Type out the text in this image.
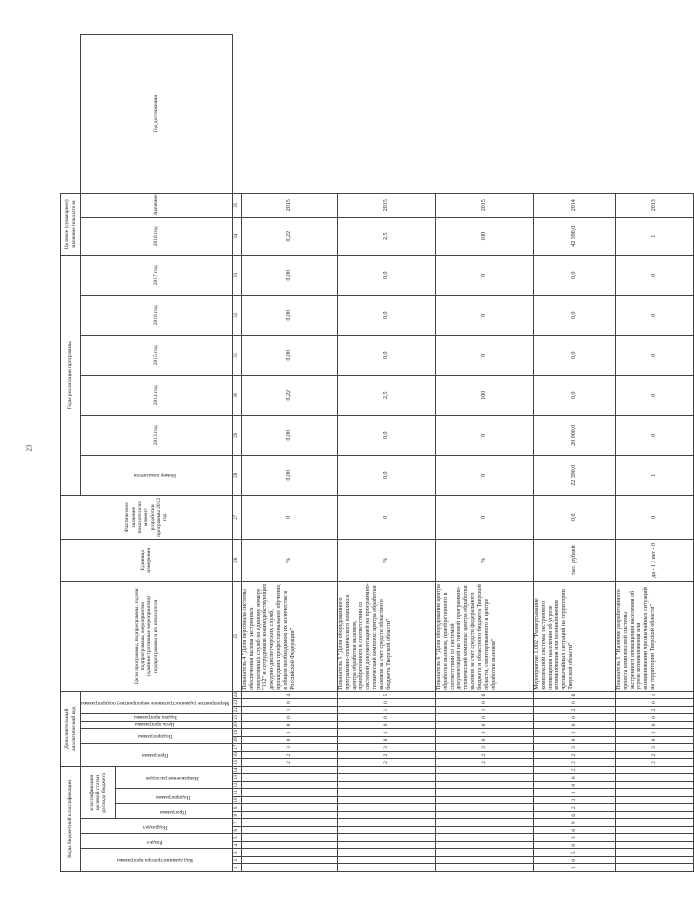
23
Коды бюджетной классификации														Дополнительный аналитический код										Цели программы, подпрограммы, задачи подпрограммы, мероприятия (административные мероприятия) подпрограммы и их показатели	Единица измерения	Фактическое значение показателя на момент разработки программы 2012 год	Годы реализации программы						Целевое (суммарное) значение показателя		
Код администратора программы			Раздел		Подраздел		классификация целевой статьи расхода бюджета							Программа			Подпрограмма		Цель программы	Задача программы	Мероприятие (административное мероприятие) подпрограммы						Номер показателя	2013 год	2014 год	2015 год	2016 год	2017 год	2018 год	Значение	Год достижения
							Программа		Подпрограмма		Направление расходов																								
1	2	3	4	5	6	7	8	9	10	11	12	13	14	15	16	17	18	19	20	21	22	23	24	25	26	27	28	29	30	31	32	33	34	35	
														2	2	3	0	1	0	0	1	0	4	Показатель 4 "Доля персонала системы обеспечения вызова экстренных оперативных служб по единому номеру "112" и сотрудников взаимодействующих дежурно-диспетчерских служб, прошедших профессиональное обучение, в общем необходимом их количестве в Российской Федерации"	%	0	0,00	0,00	0,22	0,00	0,00	0,00	0,22	2015	
														2	2	3	0	1	0	0	1	0	5	Показатель 5 "Доля оборудованного программно-технического комплекса центра обработки вызовов, приобретенного в соответствии со системой документацией на программно-технический комплекс центра обработки вызовов за счет средств областного бюджета Тверской области"	%	0	0,0	0,0	2,5	0,0	0,0	0,0	2,5	2015	
														2	2	3	0	1	0	0	1	0	6	Показатель 6 "Доля оборудования центра обработки вызовов, приобретенного в соответствии со системой документацией на типовой программно-технический комплекс центра обработки вызовов за счет средств федерального бюджета и областного бюджета Тверской области, смонтированного в центре обработки вызовов"	%	0	0	0	100	0	0	0	100	2015	
1	0	5	0	3	0	9	0	2	3	1	0	0	2	2	2	3	0	1	0	0	2	0	0	Мероприятие 1.002 "Развертывание комплексной системы экстренного оповещения населения об угрозе возникновения или возникновении чрезвычайных ситуаций на территории Тверской области"	тыс. рублей	0,0	22 390,0	20 000,0	0,0	0,0	0,0	0,0	42 390,0	2014	
														2	2	3	0	1	0	0	2	0	1	Показатель 1 "Наличие разработанного проекта комплексной системы экстренного оповещения населения об угрозе возникновения или возникновении чрезвычайных ситуаций на территории Тверской области"	да - 1 / нет - 0	0	1	0	0	0	0	0	1	2013	
